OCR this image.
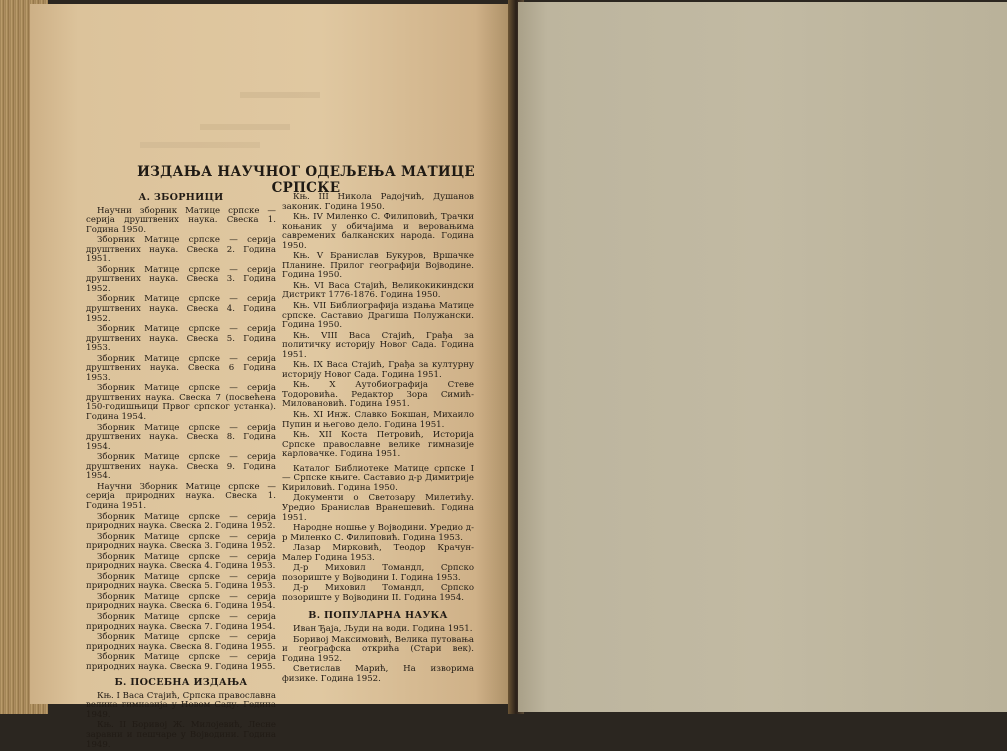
ИЗДАЊА НАУЧНОГ ОДЕЉЕЊА МАТИЦЕ СРПСКЕ
А. ЗБОРНИЦИ
Научни зборник Матице српске — серија друштвених наука. Свеска 1. Година 1950.
Зборник Матице српске — серија друштвених наука. Свеска 2. Година 1951.
Зборник Матице српске — серија друштвених наука. Свеска 3. Година 1952.
Зборник Матице српске — серија друштвених наука. Свеска 4. Година 1952.
Зборник Матице српске — серија друштвених наука. Свеска 5. Година 1953.
Зборник Матице српске — серија друштвених наука. Свеска 6 Година 1953.
Зборник Матице српске — серија друштвених наука. Свеска 7 (посвећена 150-годишњици Првог српског устанка). Година 1954.
Зборник Матице српске — серија друштвених наука. Свеска 8. Година 1954.
Зборник Матице српске — серија друштвених наука. Свеска 9. Година 1954.
Научни Зборник Матице српске — серија природних наука. Свеска 1. Година 1951.
Зборник Матице српске — серија природних наука. Свеска 2. Година 1952.
Зборник Матице српске — серија природних наука. Свеска 3. Година 1952.
Зборник Матице српске — серија природних наука. Свеска 4. Година 1953.
Зборник Матице српске — серија природних наука. Свеска 5. Година 1953.
Зборник Матице српске — серија природних наука. Свеска 6. Година 1954.
Зборник Матице српске — серија природних наука. Свеска 7. Година 1954.
Зборник Матице српске — серија природних наука. Свеска 8. Година 1955.
Зборник Матице српске — серија природних наука. Свеска 9. Година 1955.
Б. ПОСЕБНА ИЗДАЊА
Књ. I Васа Стајић, Српска православна велика гимназија у Новом Саду. Година 1949.
Књ. II Боривој Ж. Милојевић, Лесне заравни и пешчаре у Војводини. Година 1949.
Књ. III Никола Радојчић, Душанов законик. Година 1950.
Књ. IV Миленко С. Филиповић, Трачки коњаник у обичајима и веровањима савремених балканских народа. Година 1950.
Књ. V Бранислав Букуров, Вршачке Планине. Прилог географији Војводине. Година 1950.
Књ. VI Васа Стајић, Великокикиндски Дистрикт 1776-1876. Година 1950.
Књ. VII Библиографија издања Матице српске. Саставио Драгиша Полужански. Година 1950.
Књ. VIII Васа Стајић, Грађа за политичку историју Новог Сада. Година 1951.
Књ. IX Васа Стајић, Грађа за културну историју Новог Сада. Година 1951.
Књ. X Аутобиографија Стеве Тодоровића. Редактор Зора Симић-Миловановић. Година 1951.
Књ. XI Инж. Славко Бокшан, Михаило Пупин и његово дело. Година 1951.
Књ. XII Коста Петровић, Историја Српске православне велике гимназије карловачке. Година 1951.
Каталог Библиотеке Матице српске I — Српске књиге. Саставио д-р Димитрије Кириловић. Година 1950.
Документи о Светозару Милетићу. Уредио Бранислав Вранешевић. Година 1951.
Народне ношње у Војводини. Уредио д-р Миленко С. Филиповић. Година 1953.
Лазар Мирковић, Теодор Крачун-Малер Година 1953.
Д-р Миховил Томандл, Српско позориште у Војводини I. Година 1953.
Д-р Миховил Томандл, Српско позориште у Војводини II. Година 1954.
В. ПОПУЛАРНА НАУКА
Иван Ђаја, Људи на води. Година 1951.
Боривој Максимовић, Велика путовања и географска открића (Стари век). Година 1952.
Светислав Марић, На изворима физике. Година 1952.
